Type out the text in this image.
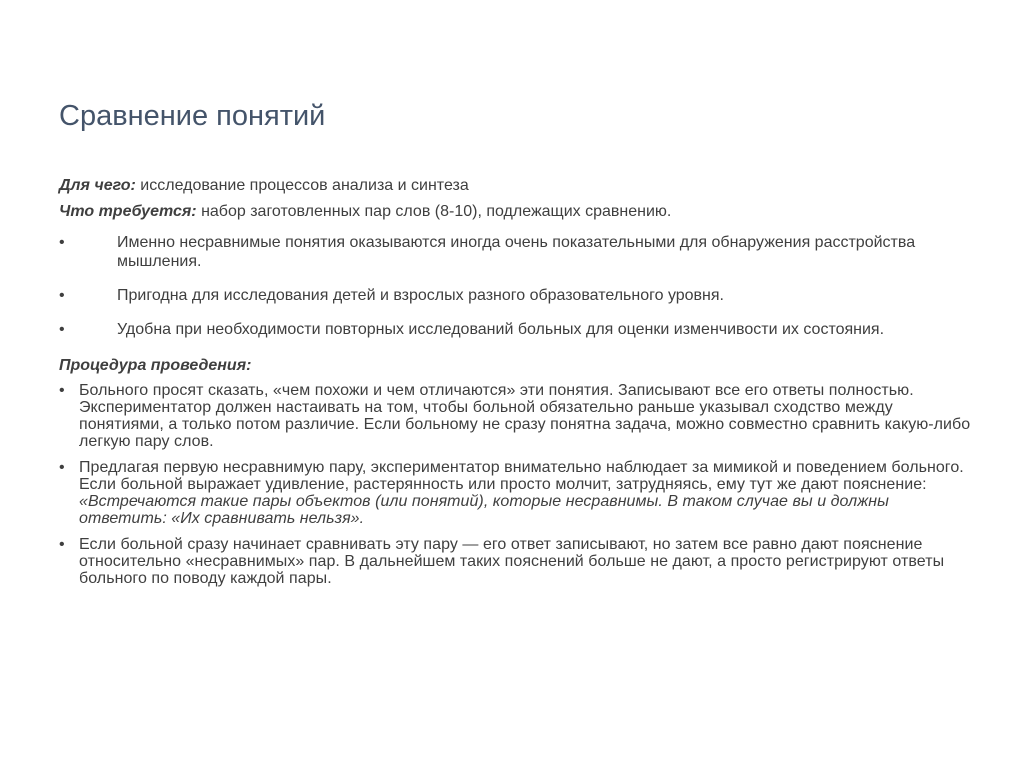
Сравнение понятий
Для чего: исследование процессов анализа и синтеза
Что требуется: набор заготовленных пар слов (8-10), подлежащих сравнению.
•	Именно несравнимые понятия оказываются иногда очень показательными для обнаружения расстройства мышления.
•	Пригодна для исследования детей и взрослых разного образовательного уровня.
•	Удобна при необходимости повторных исследований больных для оценки изменчивости их состояния.
Процедура проведения:
• Больного просят сказать, «чем похожи и чем отличаются» эти понятия. Записывают все его ответы полностью. Экспериментатор должен настаивать на том, чтобы больной обязательно раньше указывал сходство между понятиями, а только потом различие. Если больному не сразу понятна задача, можно совместно сравнить какую-либо легкую пару слов.
• Предлагая первую несравнимую пару, экспериментатор внимательно наблюдает за мимикой и поведением больного. Если больной выражает удивление, растерянность или просто молчит, затрудняясь, ему тут же дают пояснение: «Встречаются такие пары объектов (или понятий), которые несравнимы. В таком случае вы и должны ответить: «Их сравнивать нельзя».
• Если больной сразу начинает сравнивать эту пару — его ответ записывают, но затем все равно дают пояснение относительно «несравнимых» пар. В дальнейшем таких пояснений больше не дают, а просто регистрируют ответы больного по поводу каждой пары.
